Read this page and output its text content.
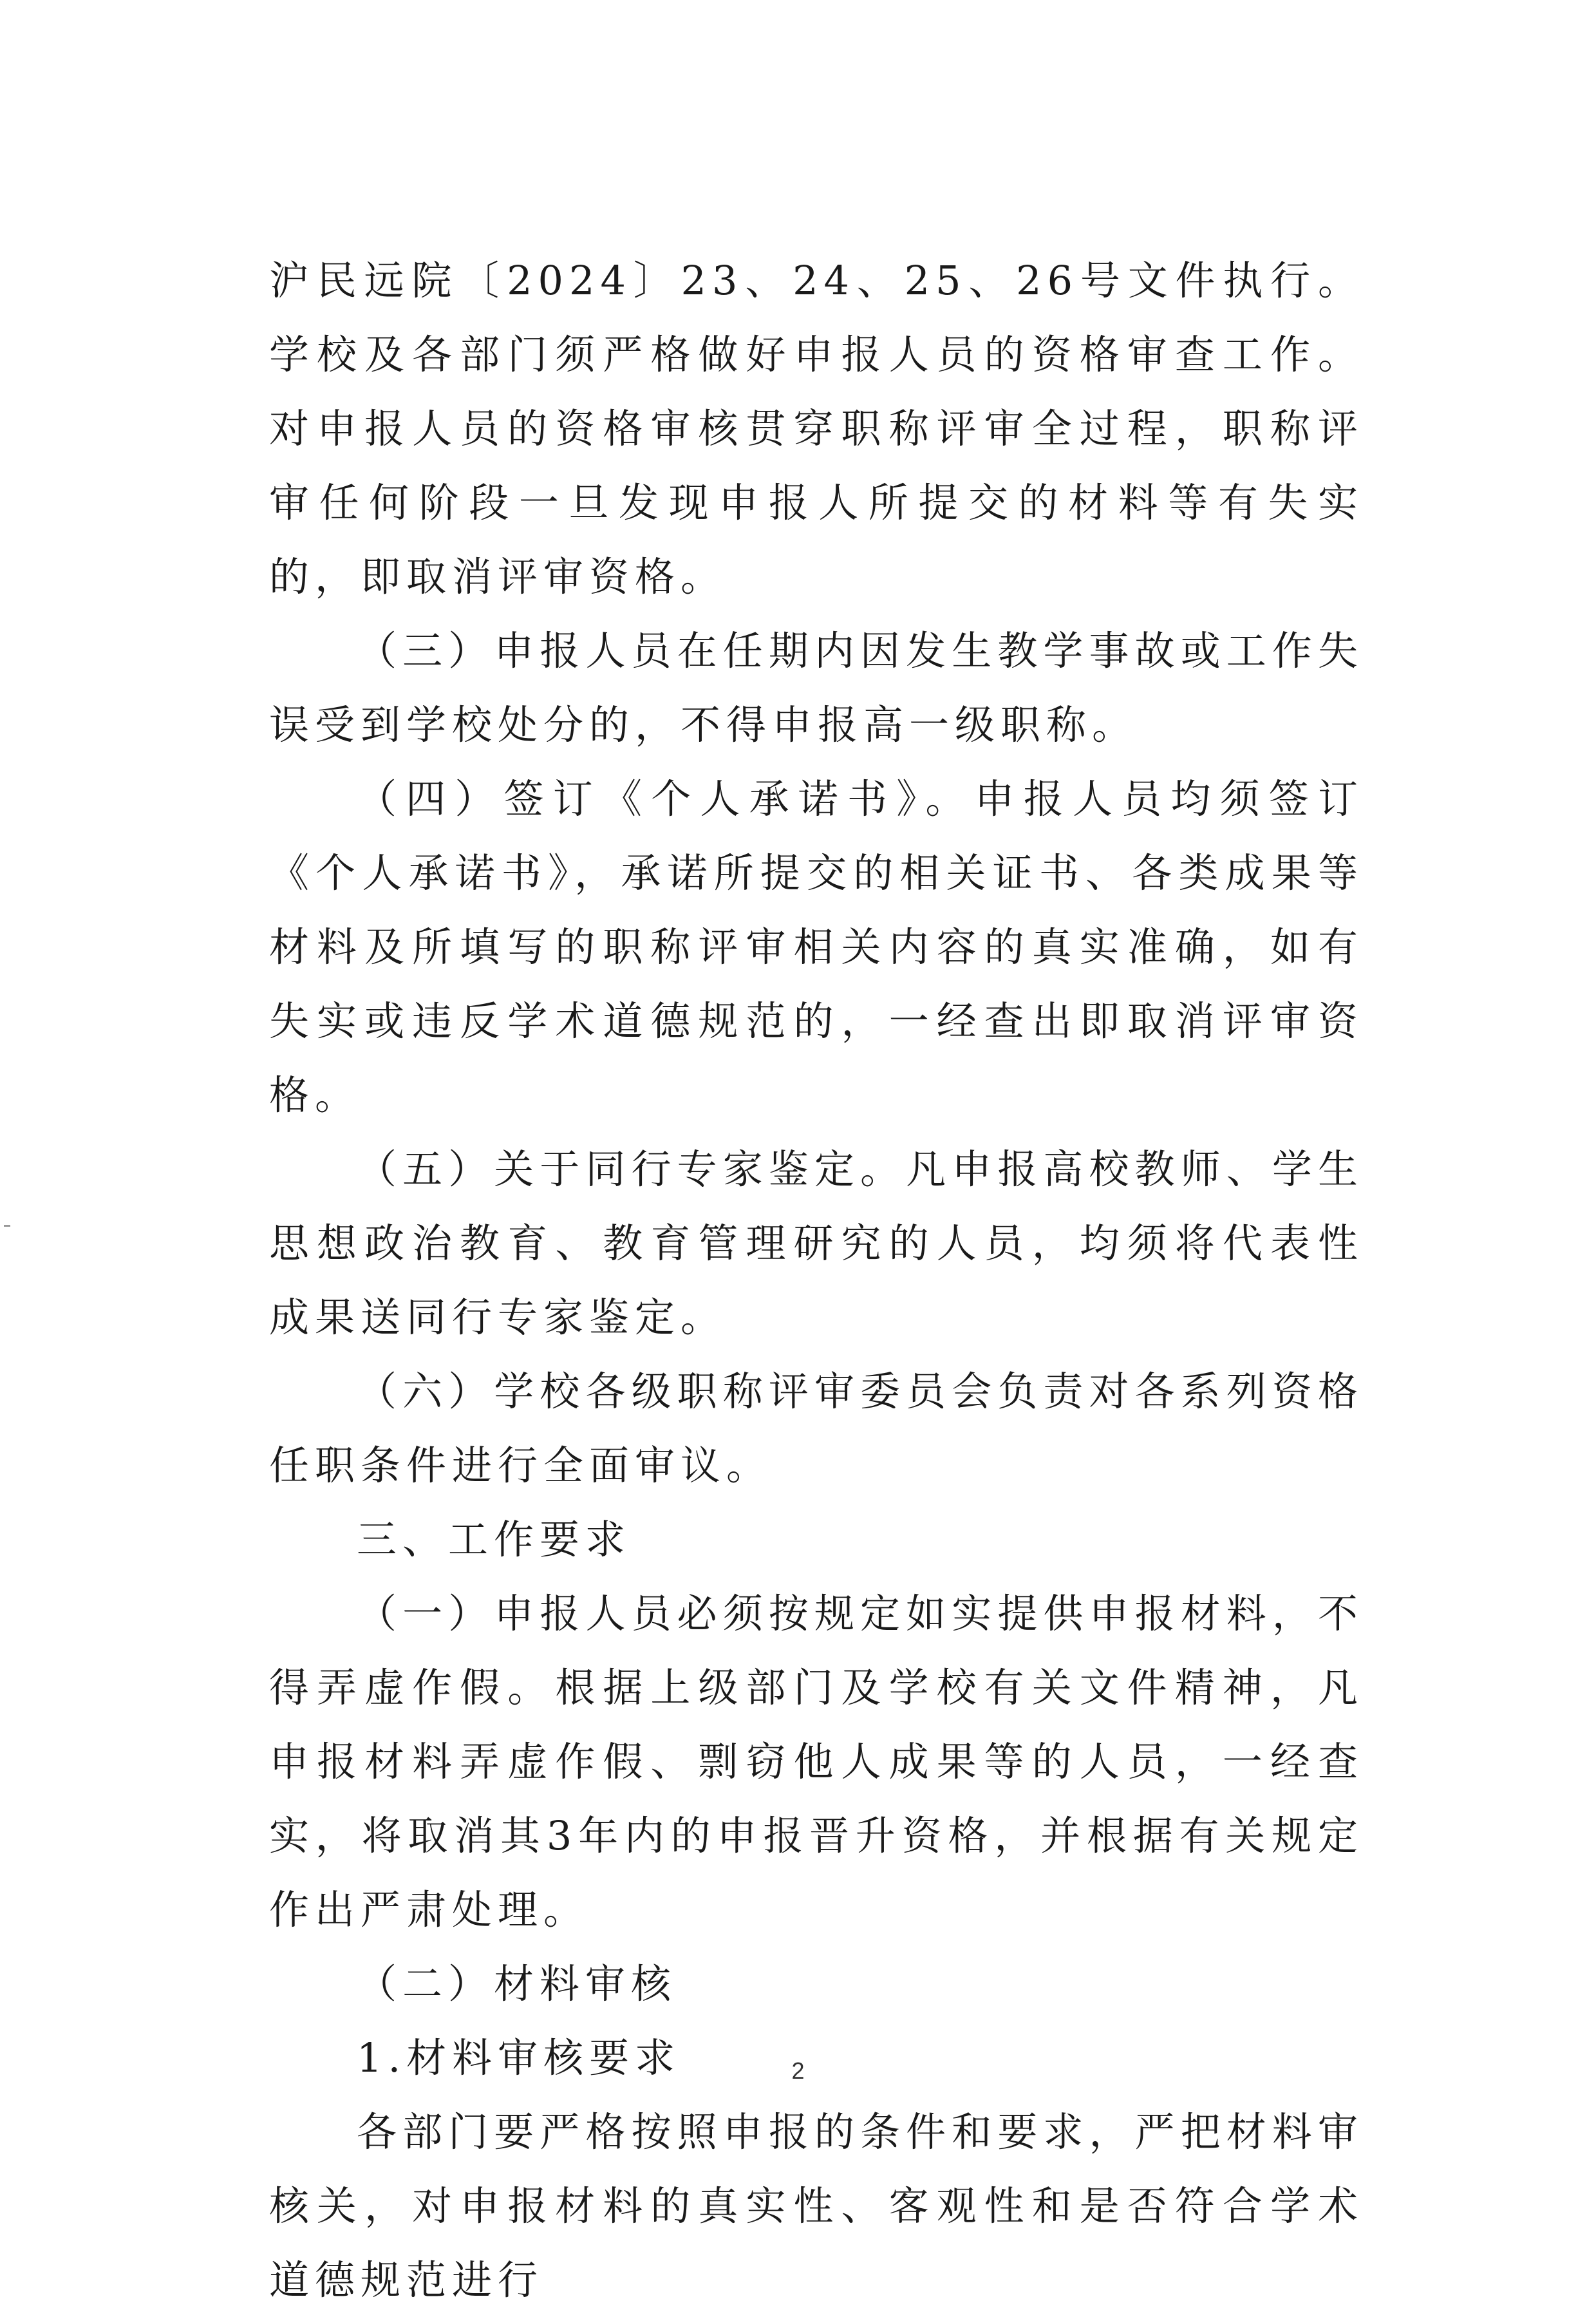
沪民远院〔2024〕23、24、25、26号文件执行。学校及各部门须严格做好申报人员的资格审查工作。对申报人员的资格审核贯穿职称评审全过程，职称评审任何阶段一旦发现申报人所提交的材料等有失实的，即取消评审资格。

（三）申报人员在任期内因发生教学事故或工作失误受到学校处分的，不得申报高一级职称。

（四）签订《个人承诺书》。申报人员均须签订《个人承诺书》，承诺所提交的相关证书、各类成果等材料及所填写的职称评审相关内容的真实准确，如有失实或违反学术道德规范的，一经查出即取消评审资格。

（五）关于同行专家鉴定。凡申报高校教师、学生思想政治教育、教育管理研究的人员，均须将代表性成果送同行专家鉴定。

（六）学校各级职称评审委员会负责对各系列资格任职条件进行全面审议。

三、工作要求

（一）申报人员必须按规定如实提供申报材料，不得弄虚作假。根据上级部门及学校有关文件精神，凡申报材料弄虚作假、剽窃他人成果等的人员，一经查实，将取消其3年内的申报晋升资格，并根据有关规定作出严肃处理。

（二）材料审核

1.材料审核要求

各部门要严格按照申报的条件和要求，严把材料审核关，对申报材料的真实性、客观性和是否符合学术道德规范进行

2
